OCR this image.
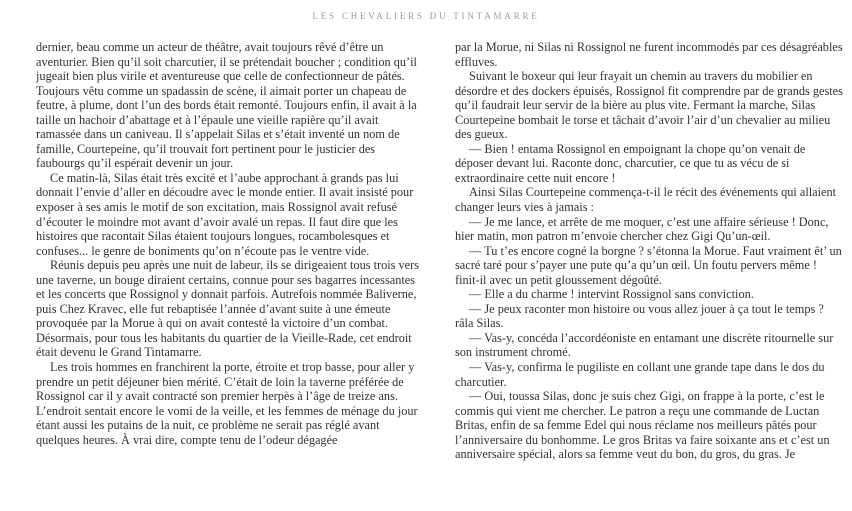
LES CHEVALIERS DU TINTAMARRE

dernier, beau comme un acteur de théâtre, avait toujours rêvé d’être un aventurier. Bien qu’il soit charcutier, il se prétendait boucher ; condition qu’il jugeait bien plus virile et aventureuse que celle de confectionneur de pâtés. Toujours vêtu comme un spadassin de scène, il aimait porter un chapeau de feutre, à plume, dont l’un des bords était remonté. Toujours enfin, il avait à la taille un hachoir d’abattage et à l’épaule une vieille rapière qu’il avait ramassée dans un caniveau. Il s’appelait Silas et s’était inventé un nom de famille, Courtepeine, qu’il trouvait fort pertinent pour le justicier des faubourgs qu’il espérait devenir un jour.

Ce matin-là, Silas était très excité et l’aube approchant à grands pas lui donnait l’envie d’aller en découdre avec le monde entier. Il avait insisté pour exposer à ses amis le motif de son excitation, mais Rossignol avait refusé d’écouter le moindre mot avant d’avoir avalé un repas. Il faut dire que les histoires que racontait Silas étaient toujours longues, rocambolesques et confuses... le genre de boniments qu’on n’écoute pas le ventre vide.

Réunis depuis peu après une nuit de labeur, ils se dirigeaient tous trois vers une taverne, un bouge diraient certains, connue pour ses bagarres incessantes et les concerts que Rossignol y donnait parfois. Autrefois nommée Baliverne, puis Chez Kravec, elle fut rebaptisée l’année d’avant suite à une émeute provoquée par la Morue à qui on avait contesté la victoire d’un combat. Désormais, pour tous les habitants du quartier de la Vieille-Rade, cet endroit était devenu le Grand Tintamarre.

Les trois hommes en franchirent la porte, étroite et trop basse, pour aller y prendre un petit déjeuner bien mérité. C’était de loin la taverne préférée de Rossignol car il y avait contracté son premier herpès à l’âge de treize ans. L’endroit sentait encore le vomi de la veille, et les femmes de ménage du jour étant aussi les putains de la nuit, ce problème ne serait pas réglé avant quelques heures. À vrai dire, compte tenu de l’odeur dégagée

par la Morue, ni Silas ni Rossignol ne furent incommodés par ces désagréables effluves.

Suivant le boxeur qui leur frayait un chemin au travers du mobilier en désordre et des dockers épuisés, Rossignol fit comprendre par de grands gestes qu’il faudrait leur servir de la bière au plus vite. Fermant la marche, Silas Courtepeine bombait le torse et tâchait d’avoir l’air d’un chevalier au milieu des gueux.

— Bien ! entama Rossignol en empoignant la chope qu’on venait de déposer devant lui. Raconte donc, charcutier, ce que tu as vécu de si extraordinaire cette nuit encore !

Ainsi Silas Courtepeine commença-t-il le récit des événements qui allaient changer leurs vies à jamais :

— Je me lance, et arrête de me moquer, c’est une affaire sérieuse ! Donc, hier matin, mon patron m’envoie chercher chez Gigi Qu’un-œil.

— Tu t’es encore cogné la borgne ? s’étonna la Morue. Faut vraiment êt’ un sacré taré pour s’payer une pute qu’a qu’un œil. Un foutu pervers même ! finit-il avec un petit gloussement dégoûté.

— Elle a du charme ! intervint Rossignol sans conviction.

— Je peux raconter mon histoire ou vous allez jouer à ça tout le temps ? râla Silas.

— Vas-y, concéda l’accordéoniste en entamant une discrète ritournelle sur son instrument chromé.

— Vas-y, confirma le pugiliste en collant une grande tape dans le dos du charcutier.

— Oui, toussa Silas, donc je suis chez Gigi, on frappe à la porte, c’est le commis qui vient me chercher. Le patron a reçu une commande de Luctan Britas, enfin de sa femme Edel qui nous réclame nos meilleurs pâtés pour l’anniversaire du bonhomme. Le gros Britas va faire soixante ans et c’est un anniversaire spécial, alors sa femme veut du bon, du gros, du gras. Je
